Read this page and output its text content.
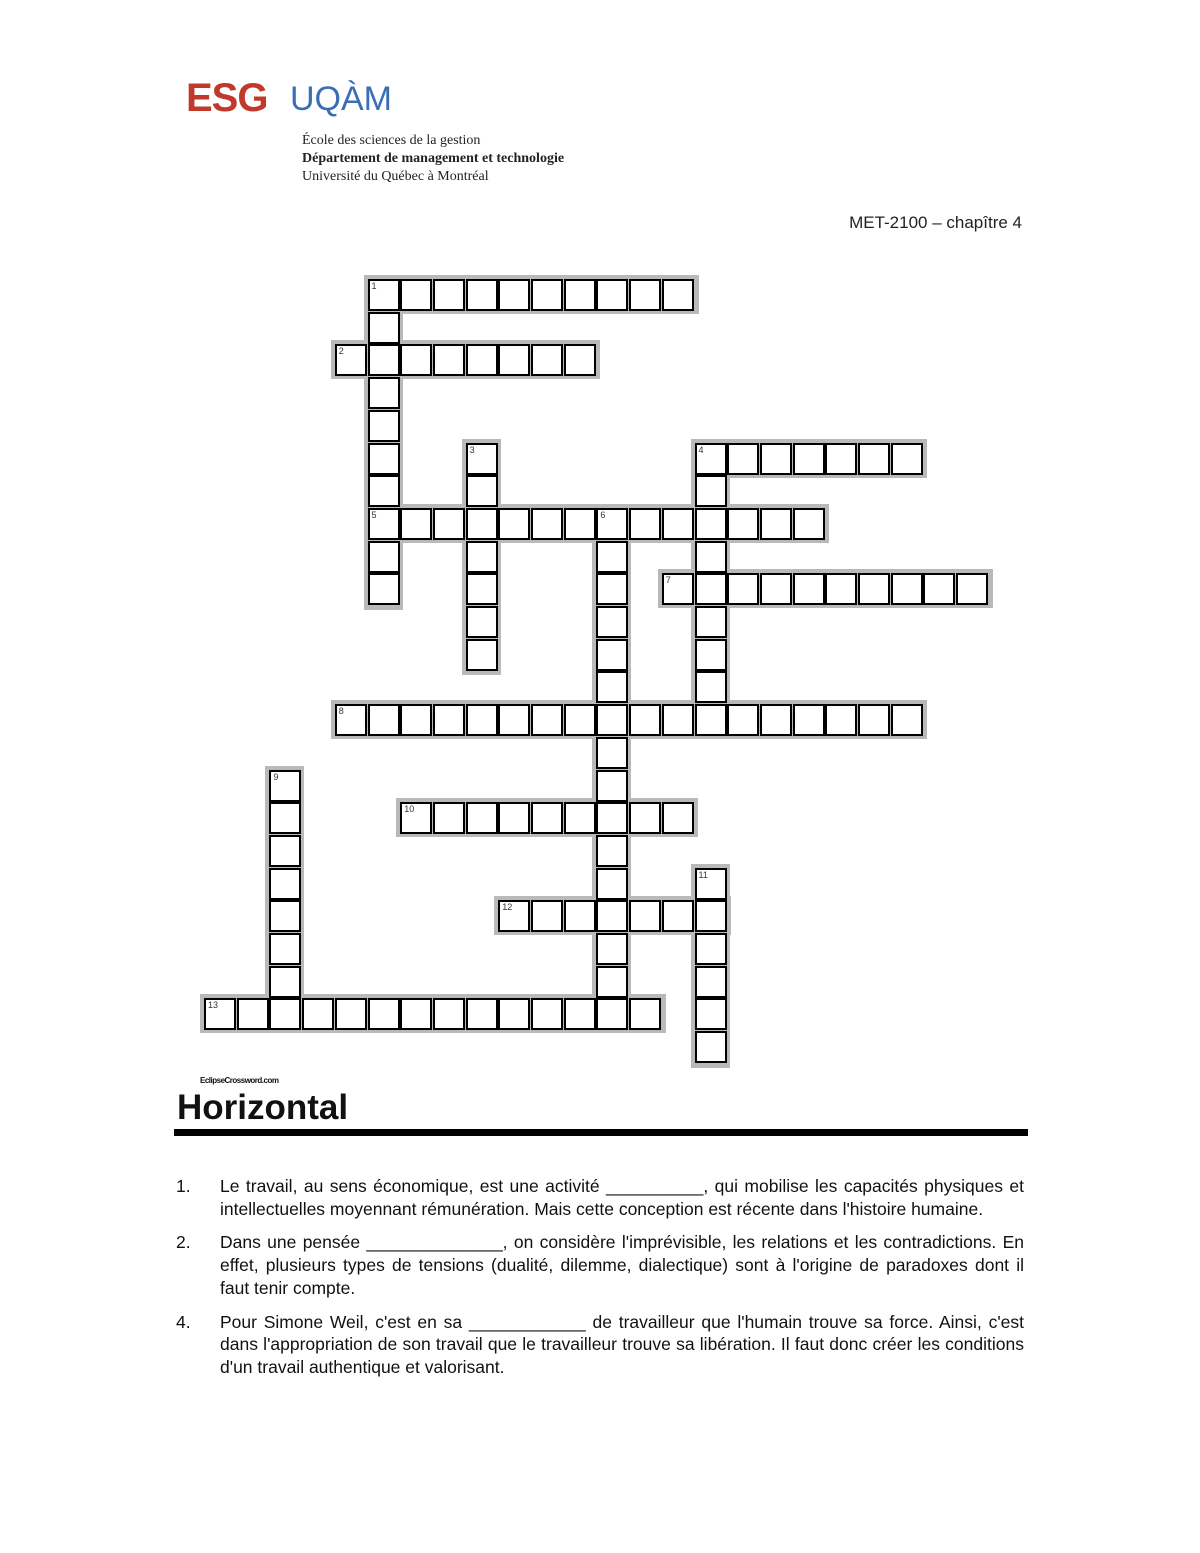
ESG UQÀM
École des sciences de la gestion
Département de management et technologie
Université du Québec à Montréal
MET-2100 – chapître 4
1
2
3	4
5	6
7
8
9
10
11
12
13
EclipseCrossword.com
Horizontal
1. Le travail, au sens économique, est une activité __________, qui mobilise les capacités physiques et intellectuelles moyennant rémunération. Mais cette conception est récente dans l'histoire humaine.
2. Dans une pensée ______________, on considère l'imprévisible, les relations et les contradictions. En effet, plusieurs types de tensions (dualité, dilemme, dialectique) sont à l'origine de paradoxes dont il faut tenir compte.
4. Pour Simone Weil, c'est en sa ____________ de travailleur que l'humain trouve sa force. Ainsi, c'est dans l'appropriation de son travail que le travailleur trouve sa libération. Il faut donc créer les conditions d'un travail authentique et valorisant.
